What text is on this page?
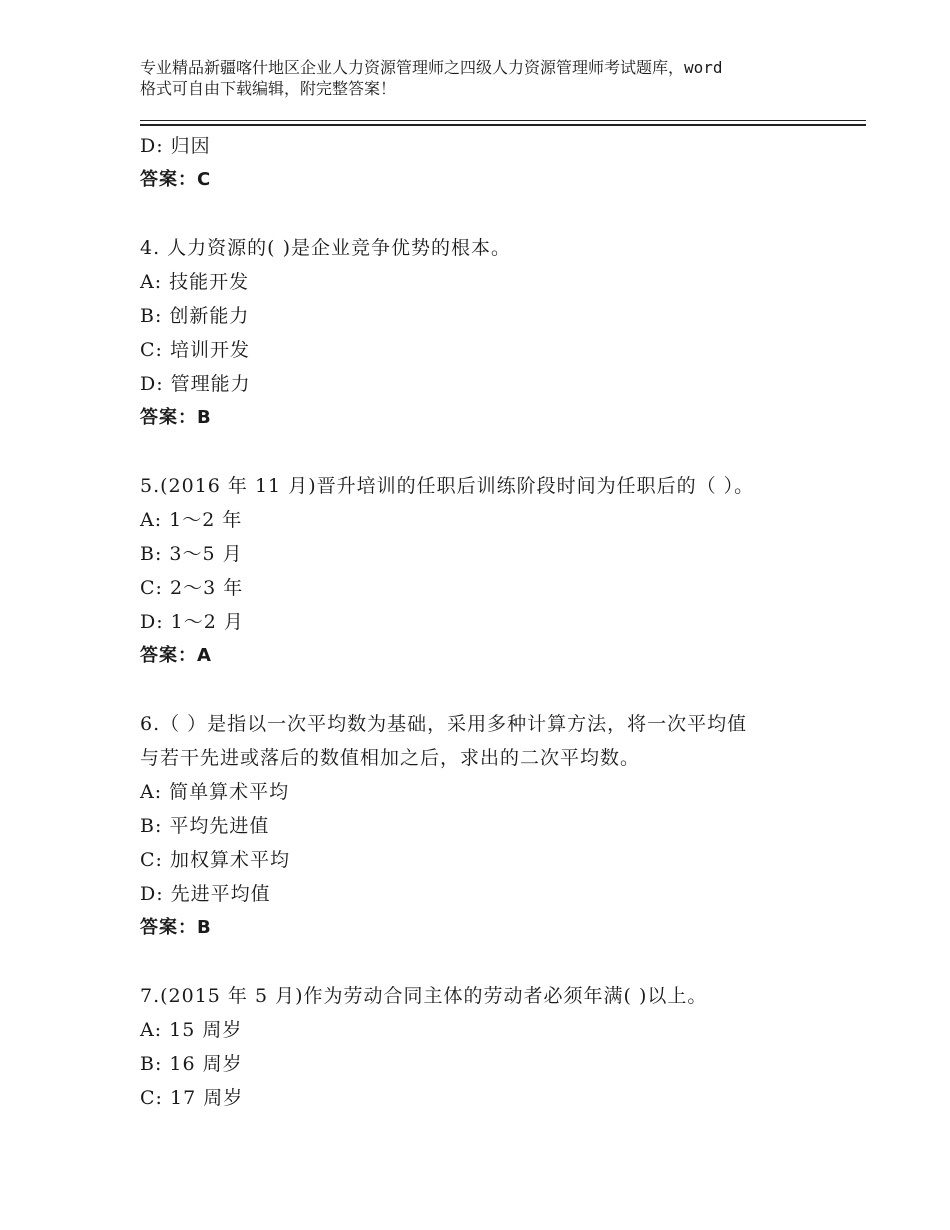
专业精品新疆喀什地区企业人力资源管理师之四级人力资源管理师考试题库，word
格式可自由下载编辑，附完整答案！
D: 归因
答案：C
4. 人力资源的( )是企业竞争优势的根本。
A: 技能开发
B: 创新能力
C: 培训开发
D: 管理能力
答案：B
5.(2016 年 11 月)晋升培训的任职后训练阶段时间为任职后的（ ）。
A: 1～2 年
B: 3～5 月
C: 2～3 年
D: 1～2 月
答案：A
6.（ ）是指以一次平均数为基础，采用多种计算方法，将一次平均值
与若干先进或落后的数值相加之后，求出的二次平均数。
A: 简单算术平均
B: 平均先进值
C: 加权算术平均
D: 先进平均值
答案：B
7.(2015 年 5 月)作为劳动合同主体的劳动者必须年满( )以上。
A: 15 周岁
B: 16 周岁
C: 17 周岁
